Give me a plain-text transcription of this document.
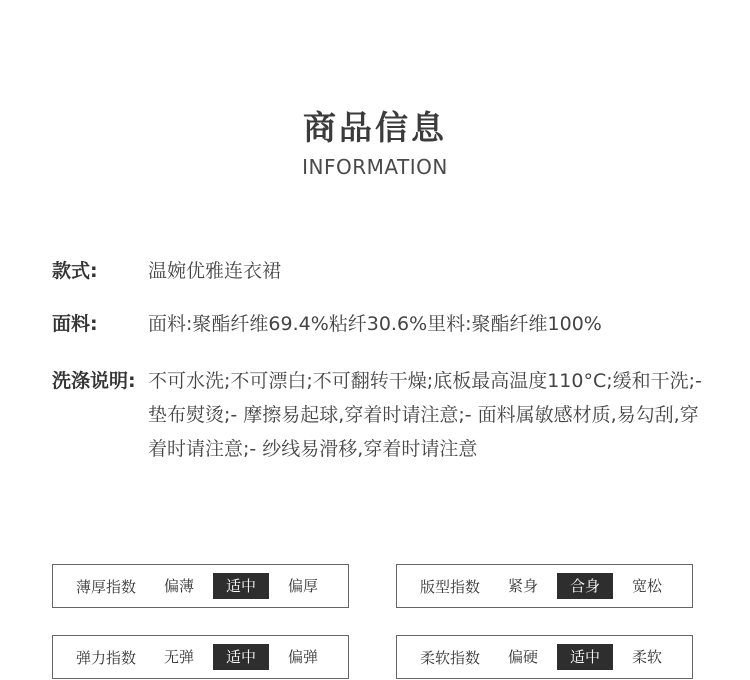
商品信息
INFORMATION
款式:	温婉优雅连衣裙
面料:	面料:聚酯纤维69.4%粘纤30.6%里料:聚酯纤维100%
洗涤说明: 不可水洗;不可漂白;不可翻转干燥;底板最高温度110°C;缓和干洗;- 垫布熨烫;- 摩擦易起球,穿着时请注意;- 面料属敏感材质,易勾刮,穿着时请注意;- 纱线易滑移,穿着时请注意
薄厚指数	偏薄	适中	偏厚	版型指数	紧身	合身	宽松
弹力指数	无弹	适中	偏弹	柔软指数	偏硬	适中	柔软
